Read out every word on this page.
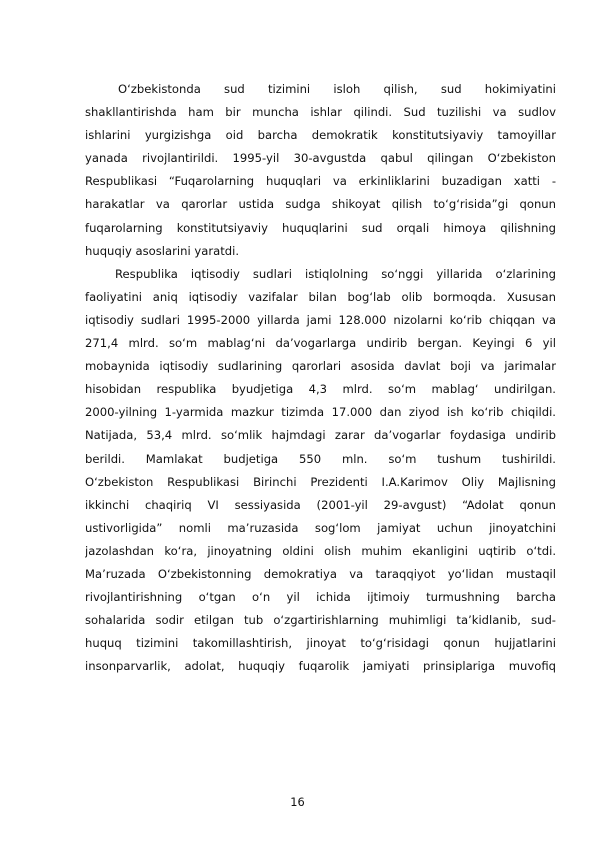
O‘zbekistonda sud tizimini isloh qilish, sud hokimiyatini
shakllantirishda ham bir muncha ishlar qilindi. Sud tuzilishi va sudlov
ishlarini yurgizishga oid barcha demokratik konstitutsiyaviy tamoyillar
yanada rivojlantirildi. 1995-yil 30-avgustda qabul qilingan O‘zbekiston
Respublikasi “Fuqarolarning huquqlari va erkinliklarini buzadigan xatti -
harakatlar va qarorlar ustida sudga shikoyat qilish to‘g‘risida”gi qonun
fuqarolarning konstitutsiyaviy huquqlarini sud orqali himoya qilishning
huquqiy asoslarini yaratdi.
Respublika iqtisodiy sudlari istiqlolning so‘nggi yillarida o‘zlarining
faoliyatini aniq iqtisodiy vazifalar bilan bog‘lab olib bormoqda. Xususan
iqtisodiy sudlari 1995-2000 yillarda jami 128.000 nizolarni ko‘rib chiqqan va
271,4 mlrd. so‘m mablag‘ni da’vogarlarga undirib bergan. Keyingi 6 yil
mobaynida iqtisodiy sudlarining qarorlari asosida davlat boji va jarimalar
hisobidan respublika byudjetiga 4,3 mlrd. so‘m mablag‘ undirilgan.
2000-yilning 1-yarmida mazkur tizimda 17.000 dan ziyod ish ko‘rib chiqildi.
Natijada, 53,4 mlrd. so‘mlik hajmdagi zarar da’vogarlar foydasiga undirib
berildi. Mamlakat budjetiga 550 mln. so‘m tushum tushirildi.
O‘zbekiston Respublikasi Birinchi Prezidenti I.A.Karimov Oliy Majlisning
ikkinchi chaqiriq VI sessiyasida (2001-yil 29-avgust) “Adolat qonun
ustivorligida” nomli ma’ruzasida sog‘lom jamiyat uchun jinoyatchini
jazolashdan ko‘ra, jinoyatning oldini olish muhim ekanligini uqtirib o‘tdi.
Ma’ruzada O‘zbekistonning demokratiya va taraqqiyot yo‘lidan mustaqil
rivojlantirishning o‘tgan o‘n yil ichida ijtimoiy turmushning barcha
sohalarida sodir etilgan tub o‘zgartirishlarning muhimligi ta’kidlanib, sud-
huquq tizimini takomillashtirish, jinoyat to‘g‘risidagi qonun hujjatlarini
insonparvarlik, adolat, huquqiy fuqarolik jamiyati prinsiplariga muvofiq
16
